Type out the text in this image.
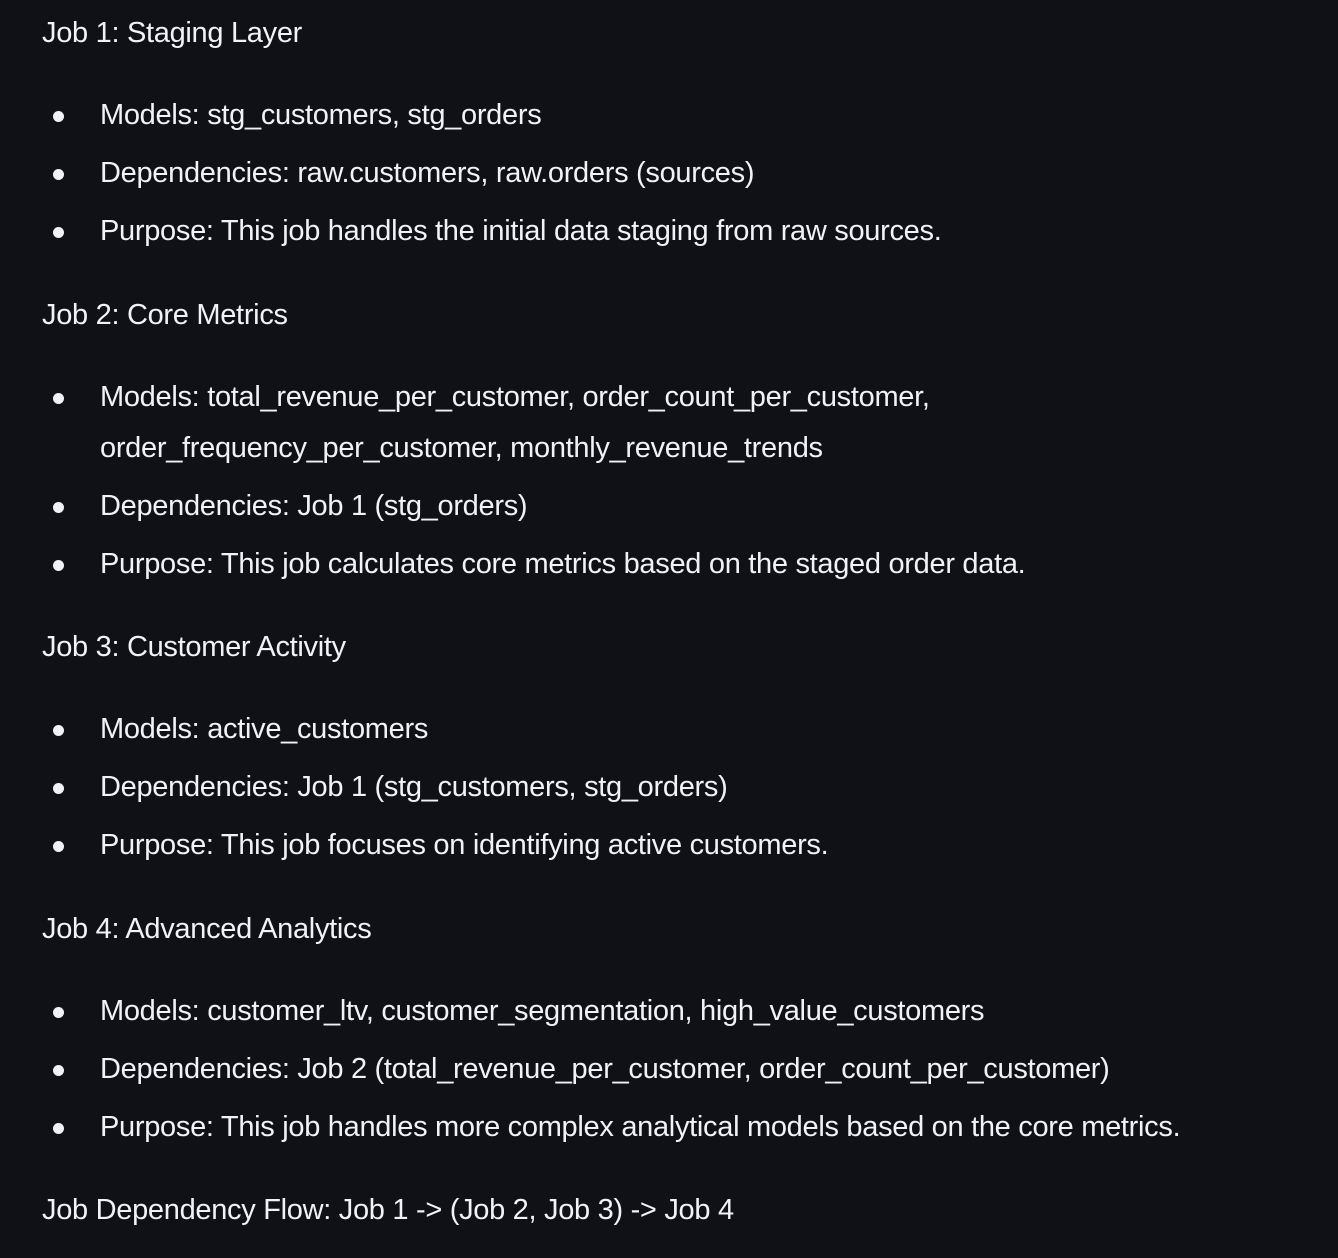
Job 1: Staging Layer
Models: stg_customers, stg_orders
Dependencies: raw.customers, raw.orders (sources)
Purpose: This job handles the initial data staging from raw sources.
Job 2: Core Metrics
Models: total_revenue_per_customer, order_count_per_customer,
order_frequency_per_customer, monthly_revenue_trends
Dependencies: Job 1 (stg_orders)
Purpose: This job calculates core metrics based on the staged order data.
Job 3: Customer Activity
Models: active_customers
Dependencies: Job 1 (stg_customers, stg_orders)
Purpose: This job focuses on identifying active customers.
Job 4: Advanced Analytics
Models: customer_ltv, customer_segmentation, high_value_customers
Dependencies: Job 2 (total_revenue_per_customer, order_count_per_customer)
Purpose: This job handles more complex analytical models based on the core metrics.
Job Dependency Flow: Job 1 -> (Job 2, Job 3) -> Job 4
